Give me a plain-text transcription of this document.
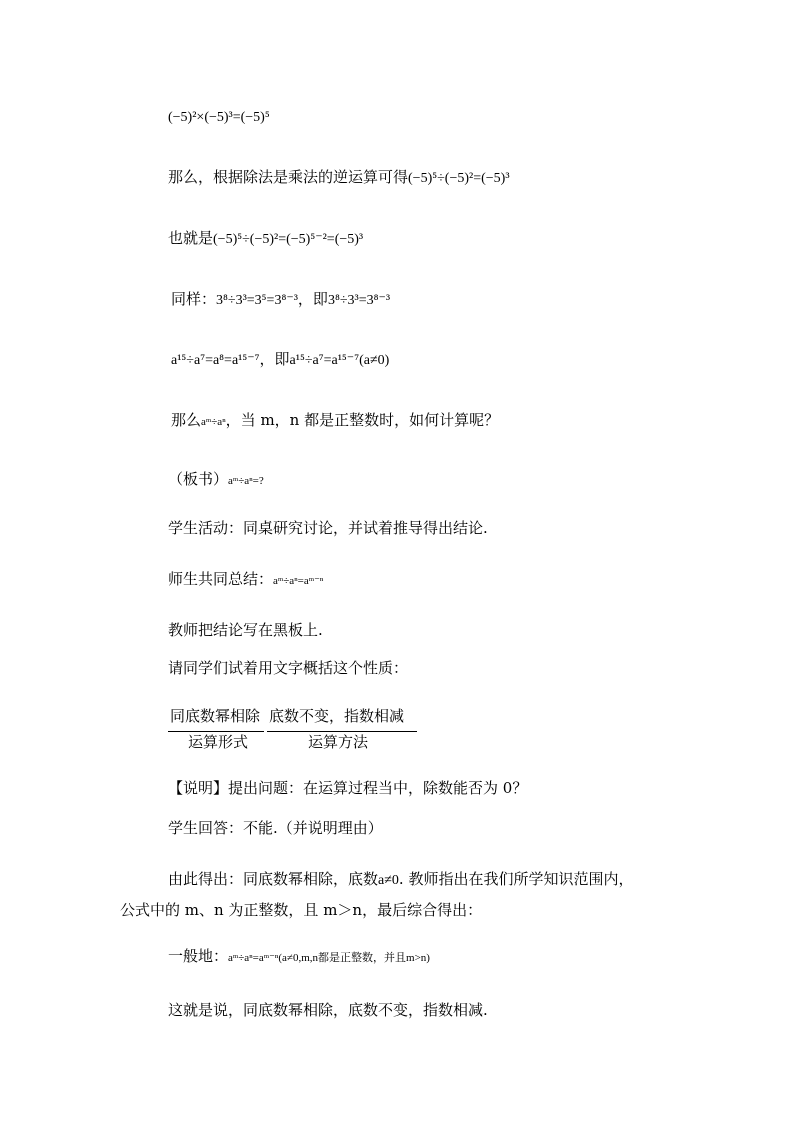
(−5)²×(−5)³=(−5)⁵
那么，根据除法是乘法的逆运算可得(−5)⁵÷(−5)²=(−5)³
也就是(−5)⁵÷(−5)²=(−5)⁵⁻²=(−5)³
同样：3⁸÷3³=3⁵=3⁸⁻³，即3⁸÷3³=3⁸⁻³
a¹⁵÷a⁷=a⁸=a¹⁵⁻⁷，即a¹⁵÷a⁷=a¹⁵⁻⁷(a≠0)
那么aᵐ÷aⁿ，当 m，n 都是正整数时，如何计算呢？
（板书）aᵐ÷aⁿ=?
学生活动：同桌研究讨论，并试着推导得出结论.
师生共同总结：aᵐ÷aⁿ=aᵐ⁻ⁿ
教师把结论写在黑板上.
请同学们试着用文字概括这个性质：
同底数幂相除 底数不变，指数相减
运算形式	运算方法
【说明】提出问题：在运算过程当中，除数能否为 0？
学生回答：不能.（并说明理由）
由此得出：同底数幂相除，底数a≠0. 教师指出在我们所学知识范围内，
公式中的 m、n 为正整数，且 m＞n，最后综合得出：
一般地：aᵐ÷aⁿ=aᵐ⁻ⁿ(a≠0,m,n都是正整数，并且m>n)
这就是说，同底数幂相除，底数不变，指数相减.
